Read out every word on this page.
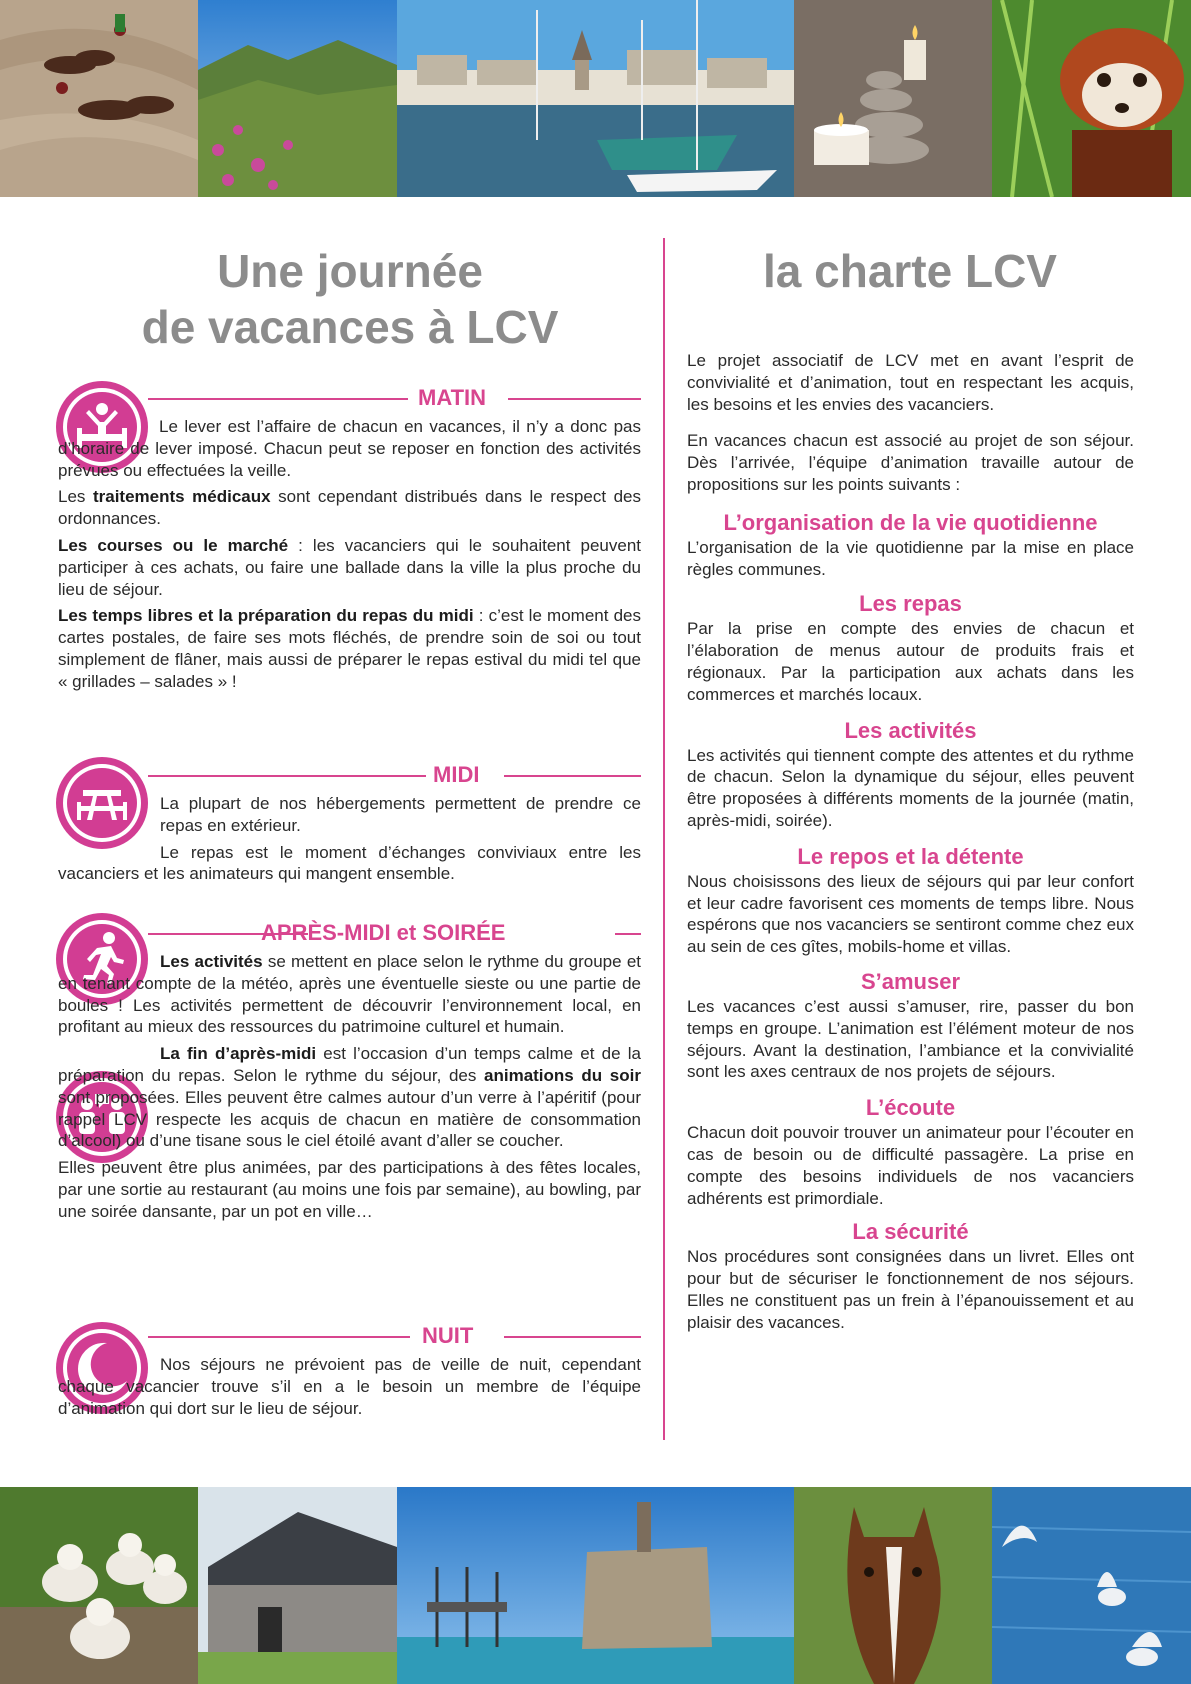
Une journée
de vacances à LCV
la charte LCV
MATIN

Le lever est l’affaire de chacun en vacances, il n’y a donc pas d’horaire de lever imposé. Chacun peut se reposer en fonction des activités prévues ou effectuées la veille.

Les traitements médicaux sont cependant distribués dans le respect des ordonnances.

Les courses ou le marché : les vacanciers qui le souhaitent peuvent participer à ces achats, ou faire une ballade dans la ville la plus proche du lieu de séjour.

Les temps libres et la préparation du repas du midi : c’est le moment des cartes postales, de faire ses mots fléchés, de prendre soin de soi ou tout simplement de flâner, mais aussi de préparer le repas estival du midi tel que « grillades – salades » !

MIDI

La plupart de nos hébergements permettent de prendre ce repas en extérieur.

Le repas est le moment d’échanges conviviaux entre les vacanciers et les animateurs qui mangent ensemble.

APRÈS-MIDI et SOIRÉE

Les activités se mettent en place selon le rythme du groupe et en tenant compte de la météo, après une éventuelle sieste ou une partie de boules ! Les activités permettent de découvrir l’environnement local, en profitant au mieux des ressources du patrimoine culturel et humain.

La fin d’après-midi est l’occasion d’un temps calme et de la préparation du repas. Selon le rythme du séjour, des animations du soir sont proposées. Elles peuvent être calmes autour d’un verre à l’apéritif (pour rappel LCV respecte les acquis de chacun en matière de consommation d’alcool) ou d’une tisane sous le ciel étoilé avant d’aller se coucher.

Elles peuvent être plus animées, par des participations à des fêtes locales, par une sortie au restaurant (au moins une fois par semaine), au bowling, par une soirée dansante, par un pot en ville…

NUIT

Nos séjours ne prévoient pas de veille de nuit, cependant chaque vacancier trouve s’il en a le besoin un membre de l’équipe d’animation qui dort sur le lieu de séjour.

Le projet associatif de LCV met en avant l’esprit de convivialité et d’animation, tout en respectant les acquis, les besoins et les envies des vacanciers.

En vacances chacun est associé au projet de son séjour. Dès l’arrivée, l’équipe d’animation travaille autour de propositions sur les points suivants :

L’organisation de la vie quotidienne

L’organisation de la vie quotidienne par la mise en place règles communes.

Les repas

Par la prise en compte des envies de chacun et l’élaboration de menus autour de produits frais et régionaux. Par la participation aux achats dans les commerces et marchés locaux.

Les activités

Les activités qui tiennent compte des attentes et du rythme de chacun. Selon la dynamique du séjour, elles peuvent être proposées à différents moments de la journée (matin, après-midi, soirée).

Le repos et la détente

Nous choisissons des lieux de séjours qui par leur confort et leur cadre favorisent ces moments de temps libre. Nous espérons que nos vacanciers se sentiront comme chez eux au sein de ces gîtes, mobils-home et villas.

S’amuser

Les vacances c’est aussi s’amuser, rire, passer du bon temps en groupe. L’animation est l’élément moteur de nos séjours. Avant la destination, l’ambiance et la convivialité sont les axes centraux de nos projets de séjours.

L’écoute

Chacun doit pouvoir trouver un animateur pour l’écouter en cas de besoin ou de difficulté passagère. La prise en compte des besoins individuels de nos vacanciers adhérents est primordiale.

La sécurité

Nos procédures sont consignées dans un livret. Elles ont pour but de sécuriser le fonctionnement de nos séjours. Elles ne constituent pas un frein à l’épanouissement et au plaisir des vacances.
